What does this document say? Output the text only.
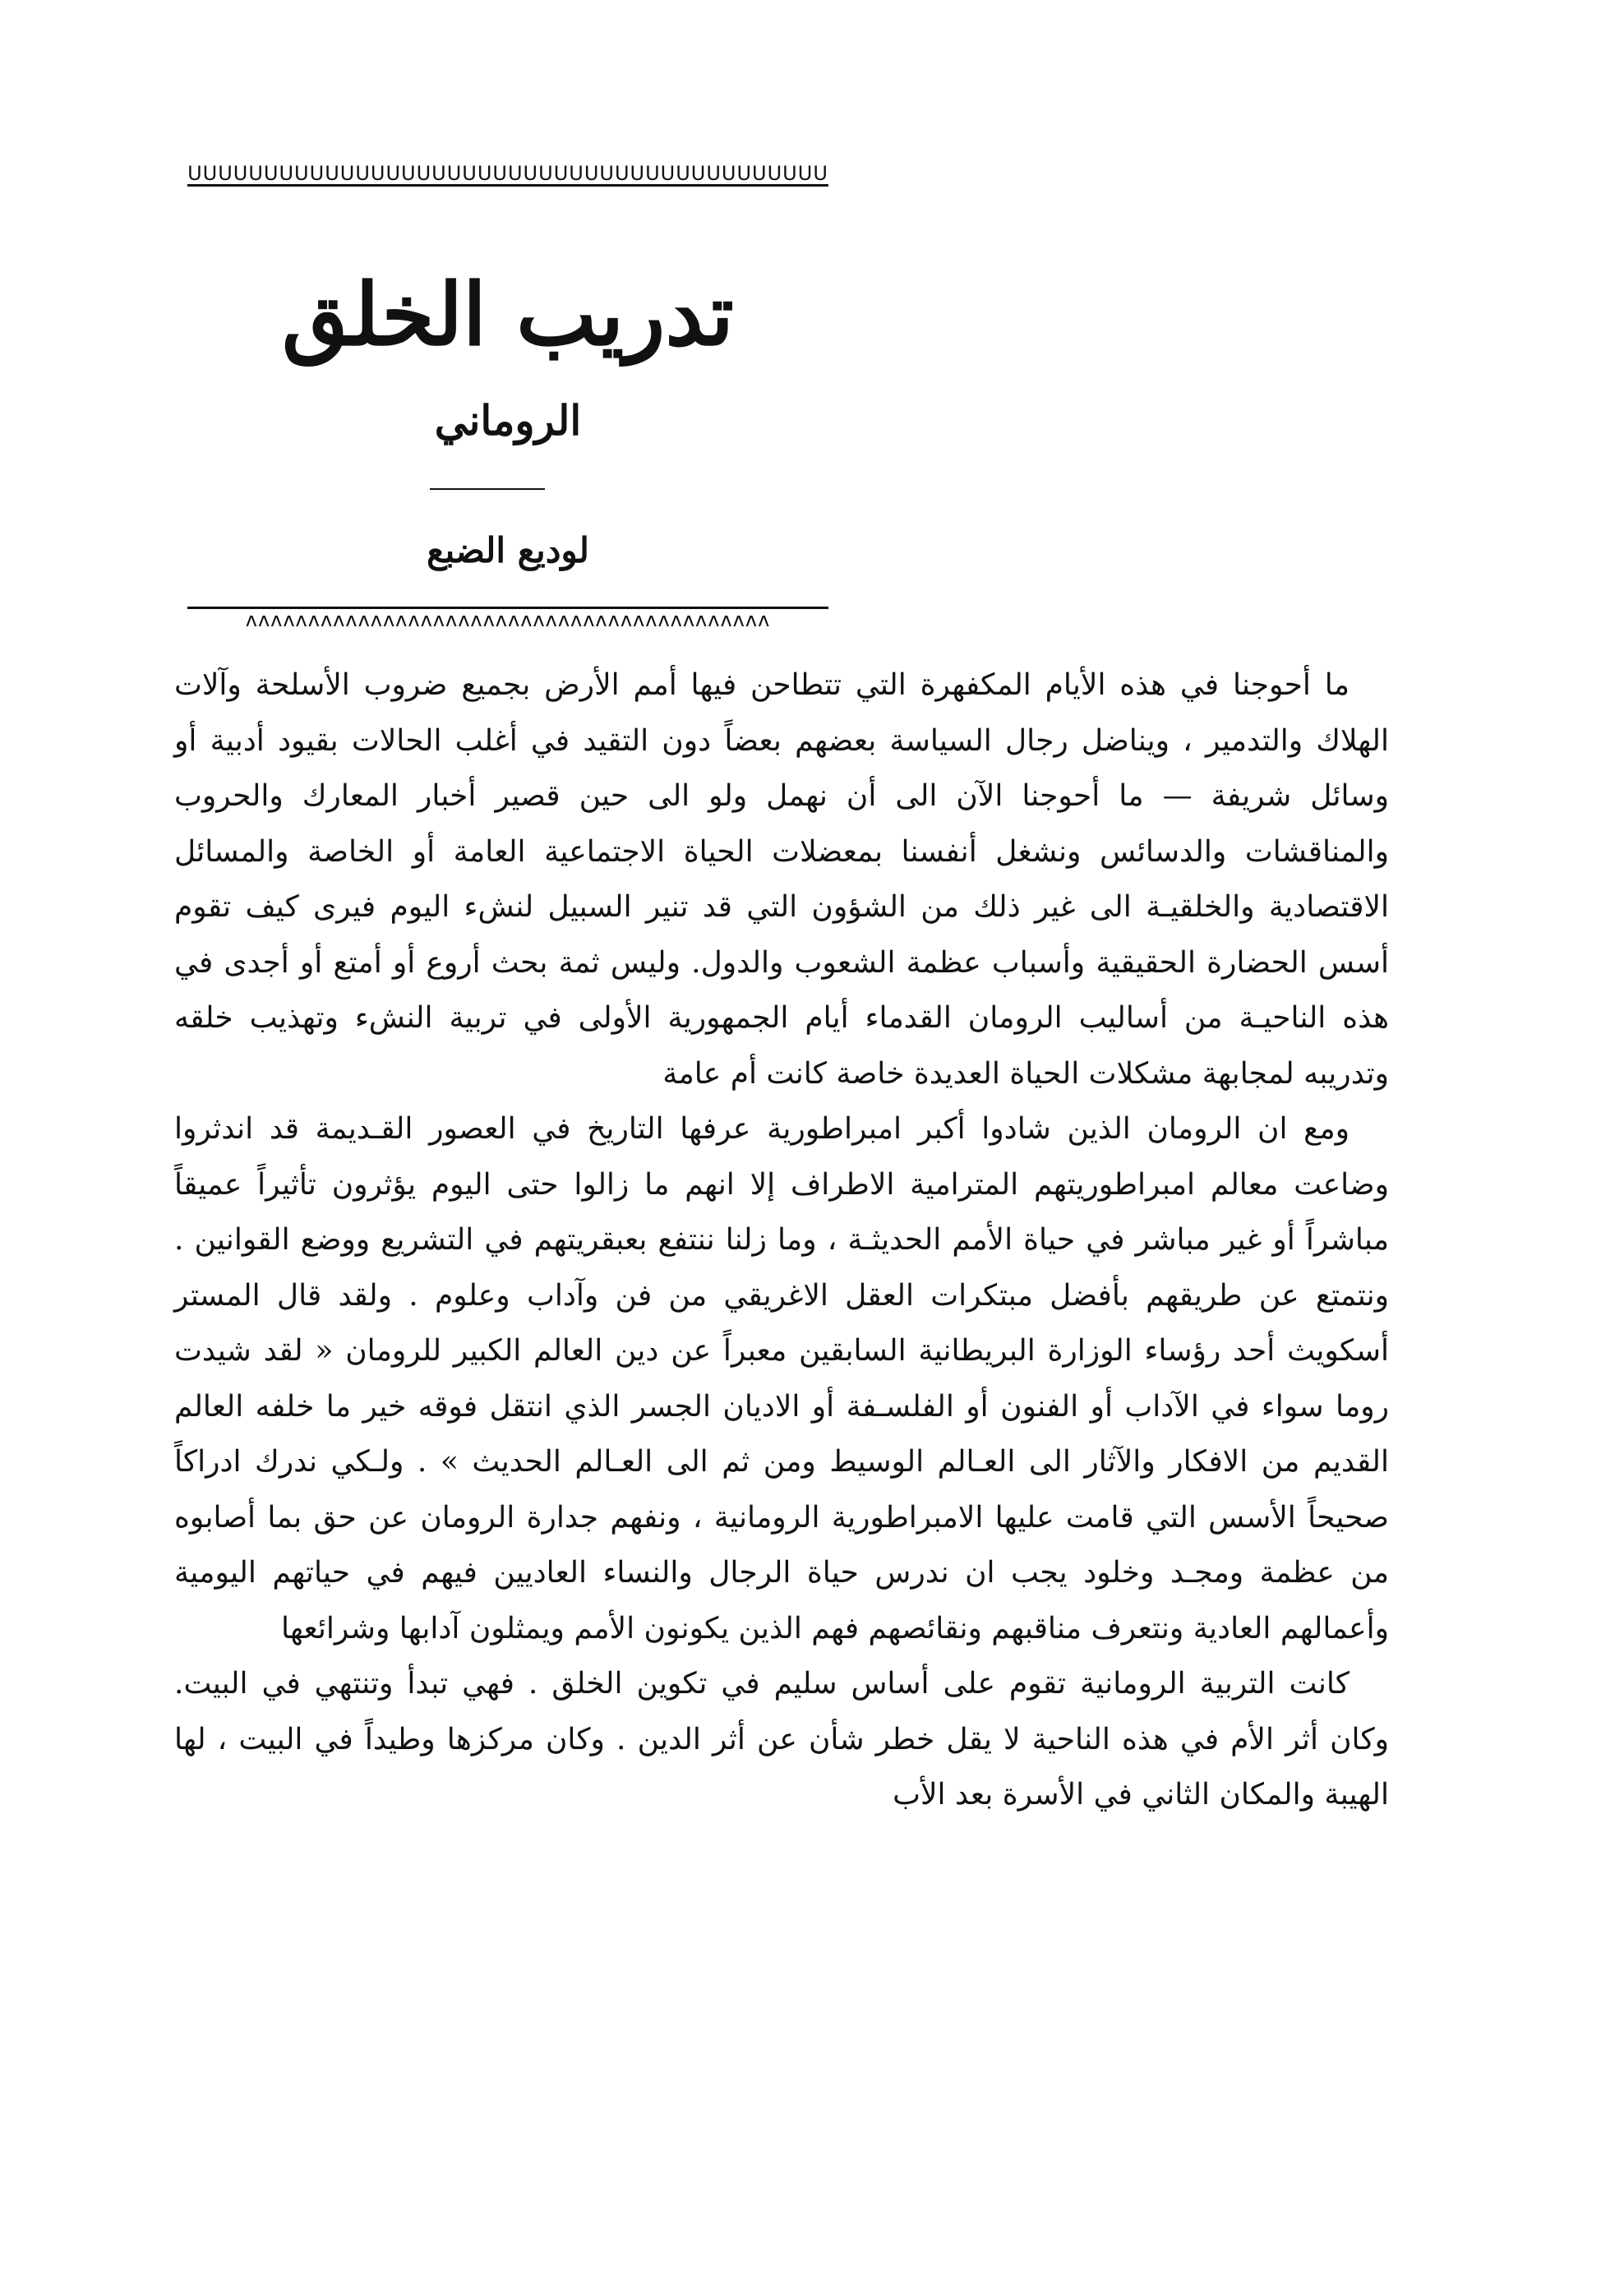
UUUUUUUUUUUUUUUUUUUUUUUUUUUUUUUUUUUUUUUUUU
تدريب الخلق
الروماني
لوديع الضبع
ʌʌʌʌʌʌʌʌʌʌʌʌʌʌʌʌʌʌʌʌʌʌʌʌʌʌʌʌʌʌʌʌʌʌʌʌʌʌʌʌʌʌ

ما أحوجنا في هذه الأيام المكفهرة التي تتطاحن فيها أمم الأرض بجميع ضروب الأسلحة وآلات الهلاك والتدمير ، ويناضل رجال السياسة بعضهم بعضاً دون التقيد في أغلب الحالات بقيود أدبية أو وسائل شريفة — ما أحوجنا الآن الى أن نهمل ولو الى حين قصير أخبار المعارك والحروب والمناقشات والدسائس ونشغل أنفسنا بمعضلات الحياة الاجتماعية العامة أو الخاصة والمسائل الاقتصادية والخلقيـة الى غير ذلك من الشؤون التي قد تنير السبيل لنشء اليوم فيرى كيف تقوم أسس الحضارة الحقيقية وأسباب عظمة الشعوب والدول. وليس ثمة بحث أروع أو أمتع أو أجدى في هذه الناحيـة من أساليب الرومان القدماء أيام الجمهورية الأولى في تربية النشء وتهذيب خلقه وتدريبه لمجابهة مشكلات الحياة العديدة خاصة كانت أم عامة

ومع ان الرومان الذين شادوا أكبر امبراطورية عرفها التاريخ في العصور القـديمة قد اندثروا وضاعت معالم امبراطوريتهم المترامية الاطراف إلا انهم ما زالوا حتى اليوم يؤثرون تأثيراً عميقاً مباشراً أو غير مباشر في حياة الأمم الحديثـة ، وما زلنا ننتفع بعبقريتهم في التشريع ووضع القوانين . ونتمتع عن طريقهم بأفضل مبتكرات العقل الاغريقي من فن وآداب وعلوم . ولقد قال المستر أسكويث أحد رؤساء الوزارة البريطانية السابقين معبراً عن دين العالم الكبير للرومان « لقد شيدت روما سواء في الآداب أو الفنون أو الفلسـفة أو الاديان الجسر الذي انتقل فوقه خير ما خلفه العالم القديم من الافكار والآثار الى العـالم الوسيط ومن ثم الى العـالم الحديث » . ولـكي ندرك ادراكاً صحيحاً الأسس التي قامت عليها الامبراطورية الرومانية ، ونفهم جدارة الرومان عن حق بما أصابوه من عظمة ومجـد وخلود يجب ان ندرس حياة الرجال والنساء العاديين فيهم في حياتهم اليومية وأعمالهم العادية ونتعرف مناقبهم ونقائصهم فهم الذين يكونون الأمم ويمثلون آدابها وشرائعها

كانت التربية الرومانية تقوم على أساس سليم في تكوين الخلق . فهي تبدأ وتنتهي في البيت. وكان أثر الأم في هذه الناحية لا يقل خطر شأن عن أثر الدين . وكان مركزها وطيداً في البيت ، لها الهيبة والمكان الثاني في الأسرة بعد الأب
